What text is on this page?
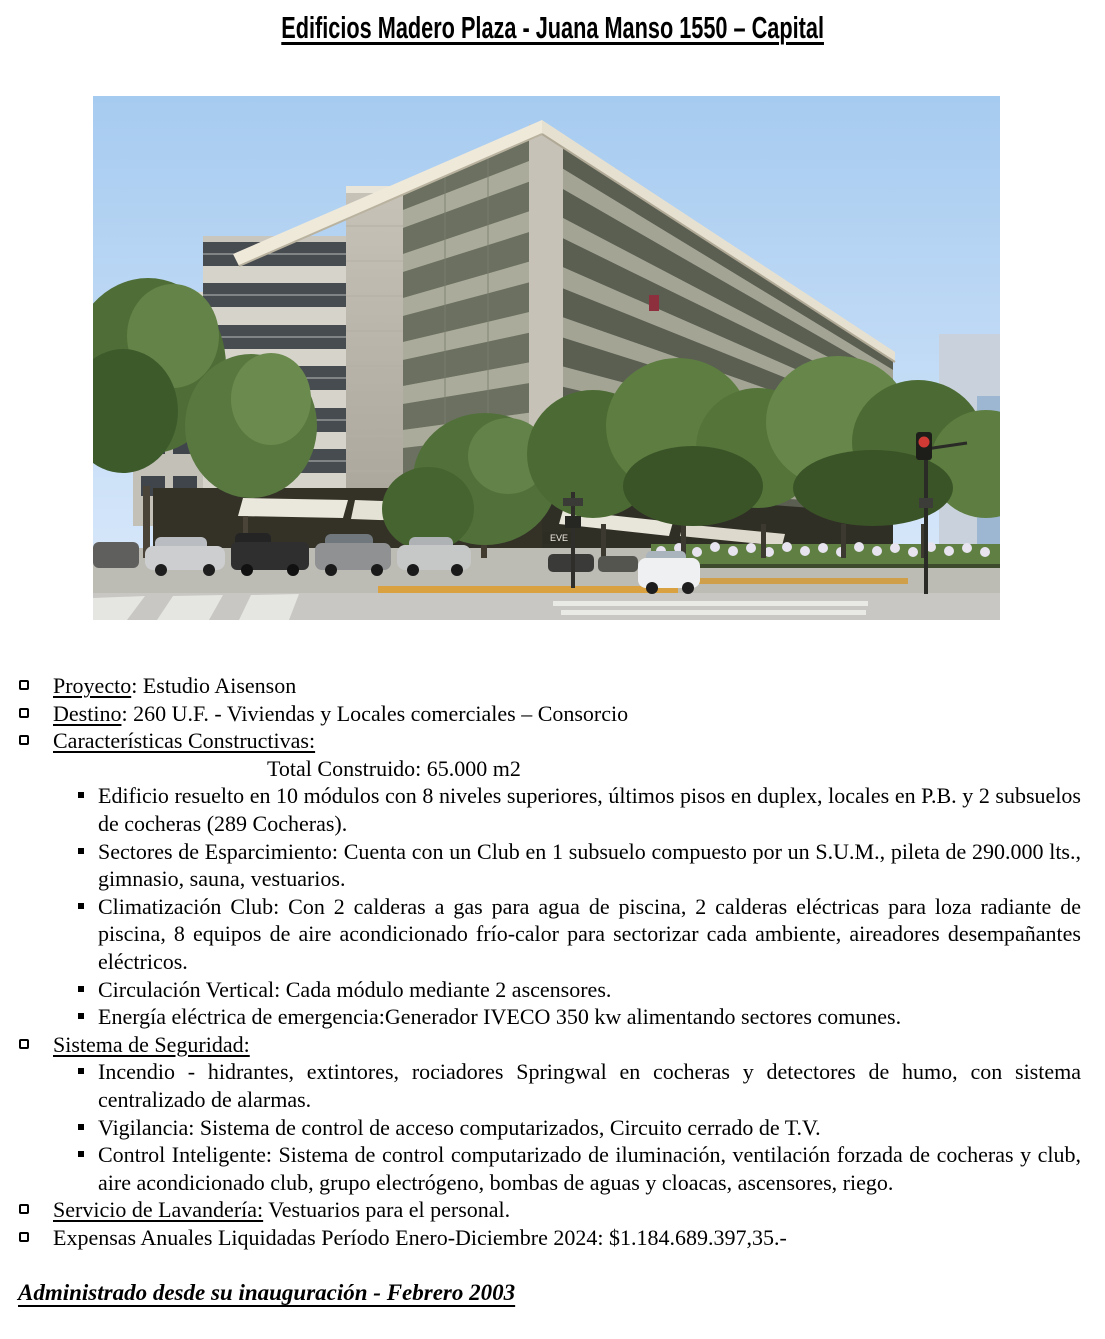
Edificios Madero Plaza - Juana Manso 1550 – Capital
EVE
Proyecto: Estudio Aisenson
Destino: 260 U.F. - Viviendas y Locales comerciales – Consorcio
Características Constructivas:
Total Construido: 65.000 m2
Edificio resuelto en 10 módulos con 8 niveles superiores, últimos pisos en duplex, locales en P.B. y 2 subsuelos de cocheras (289 Cocheras).
Sectores de Esparcimiento: Cuenta con un Club en 1 subsuelo compuesto por un S.U.M., pileta de 290.000 lts., gimnasio, sauna, vestuarios.
Climatización Club: Con 2 calderas a gas para agua de piscina, 2 calderas eléctricas para loza radiante de piscina, 8 equipos de aire acondicionado frío-calor para sectorizar cada ambiente, aireadores desempañantes eléctricos.
Circulación Vertical: Cada módulo mediante 2 ascensores.
Energía eléctrica de emergencia:Generador IVECO 350 kw alimentando sectores comunes.
Sistema de Seguridad:
Incendio - hidrantes, extintores, rociadores Springwal en cocheras y detectores de humo, con sistema centralizado de alarmas.
Vigilancia: Sistema de control de acceso computarizados, Circuito cerrado de T.V.
Control Inteligente: Sistema de control computarizado de iluminación, ventilación forzada de cocheras y club, aire acondicionado club, grupo electrógeno, bombas de aguas y cloacas, ascensores, riego.
Servicio de Lavandería: Vestuarios para el personal.
Expensas Anuales Liquidadas Período Enero-Diciembre 2024: $1.184.689.397,35.-
Administrado desde su inauguración - Febrero 2003
